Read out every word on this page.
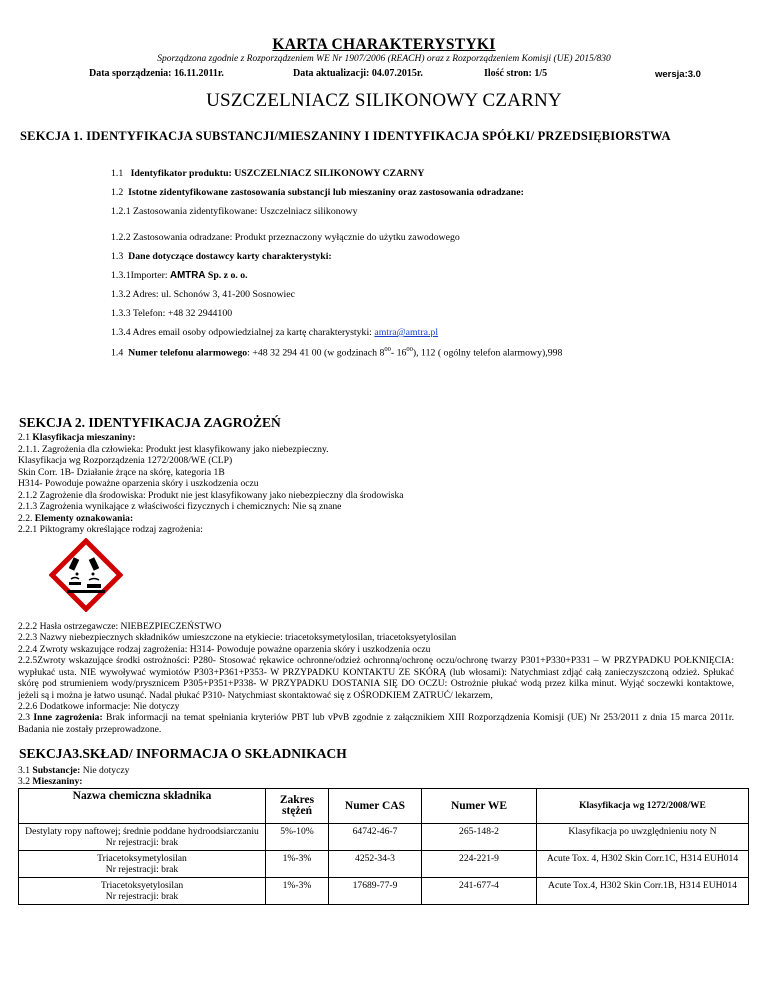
KARTA CHARAKTERYSTYKI
Sporządzona zgodnie z Rozporządzeniem WE Nr 1907/2006 (REACH) oraz z Rozporządzeniem Komisji (UE) 2015/830
Data sporządzenia: 16.11.2011r.	Data aktualizacji: 04.07.2015r.	Ilość stron: 1/5	wersja:3.0
USZCZELNIACZ SILIKONOWY CZARNY
SEKCJA 1. IDENTYFIKACJA SUBSTANCJI/MIESZANINY I IDENTYFIKACJA SPÓŁKI/ PRZEDSIĘBIORSTWA
1.1 Identyfikator produktu: USZCZELNIACZ SILIKONOWY CZARNY
1.2 Istotne zidentyfikowane zastosowania substancji lub mieszaniny oraz zastosowania odradzane:
1.2.1 Zastosowania zidentyfikowane: Uszczelniacz silikonowy
1.2.2 Zastosowania odradzane: Produkt przeznaczony wyłącznie do użytku zawodowego
1.3 Dane dotyczące dostawcy karty charakterystyki:
1.3.1Importer: AMTRA Sp. z o. o.
1.3.2 Adres: ul. Schonów 3, 41-200 Sosnowiec
1.3.3 Telefon: +48 32 2944100
1.3.4 Adres email osoby odpowiedzialnej za kartę charakterystyki: amtra@amtra.pl
1.4 Numer telefonu alarmowego: +48 32 294 41 00 (w godzinach $8^{00}-$ $16^{00}$), 112 ( ogólny telefon alarmowy),998
SEKCJA 2. IDENTYFIKACJA ZAGROŻEŃ
2.1 Klasyfikacja mieszaniny:
2.1.1. Zagrożenia dla człowieka: Produkt jest klasyfikowany jako niebezpieczny.
Klasyfikacja wg Rozporządzenia 1272/2008/WE (CLP)
Skin Corr. 1B- Działanie żrące na skórę, kategoria 1B
H314- Powoduje poważne oparzenia skóry i uszkodzenia oczu
2.1.2 Zagrożenie dla środowiska: Produkt nie jest klasyfikowany jako niebezpieczny dla środowiska
2.1.3 Zagrożenia wynikające z właściwości fizycznych i chemicznych: Nie są znane
2.2. Elementy oznakowania:
2.2.1 Piktogramy określające rodzaj zagrożenia:
2.2.2 Hasła ostrzegawcze: NIEBEZPIECZEŃSTWO
2.2.3 Nazwy niebezpiecznych składników umieszczone na etykiecie: triacetoksymetylosilan, triacetoksyetylosilan
2.2.4 Zwroty wskazujące rodzaj zagrożenia: H314- Powoduje poważne oparzenia skóry i uszkodzenia oczu
2.2.5Zwroty wskazujące środki ostrożności: P280- Stosować rękawice ochronne/odzież ochronną/ochronę oczu/ochronę twarzy P301+P330+P331 – W PRZYPADKU POŁKNIĘCIA: wypłukać usta. NIE wywoływać wymiotów P303+P361+P353- W PRZYPADKU KONTAKTU ZE SKÓRĄ (lub włosami): Natychmiast zdjąć całą zanieczyszczoną odzież. Spłukać skórę pod strumieniem wody/prysznicem P305+P351+P338- W PRZYPADKU DOSTANIA SIĘ DO OCZU: Ostrożnie płukać wodą przez kilka minut. Wyjąć soczewki kontaktowe, jeżeli są i można je łatwo usunąć. Nadal płukać P310- Natychmiast skontaktować się z OŚRODKIEM ZATRUĆ/ lekarzem,
2.2.6 Dodatkowe informacje: Nie dotyczy
2.3 Inne zagrożenia: Brak informacji na temat spełniania kryteriów PBT lub vPvB zgodnie z załącznikiem XIII Rozporządzenia Komisji (UE) Nr 253/2011 z dnia 15 marca 2011r. Badania nie zostały przeprowadzone.
SEKCJA3.SKŁAD/ INFORMACJA O SKŁADNIKACH
3.1 Substancje: Nie dotyczy
3.2 Mieszaniny:
Nazwa chemiczna składnika	Zakres stężeń	Numer CAS	Numer WE	Klasyfikacja wg 1272/2008/WE
Destylaty ropy naftowej; średnie poddane hydroodsiarczaniu
Nr rejestracji: brak	5%-10%	64742-46-7	265-148-2	Klasyfikacja po uwzględnieniu noty N
Triacetoksymetylosilan
Nr rejestracji: brak	1%-3%	4252-34-3	224-221-9	Acute Tox. 4, H302 Skin Corr.1C, H314 EUH014
Triacetoksyetylosilan
Nr rejestracji: brak	1%-3%	17689-77-9	241-677-4	Acute Tox.4, H302 Skin Corr.1B, H314 EUH014
